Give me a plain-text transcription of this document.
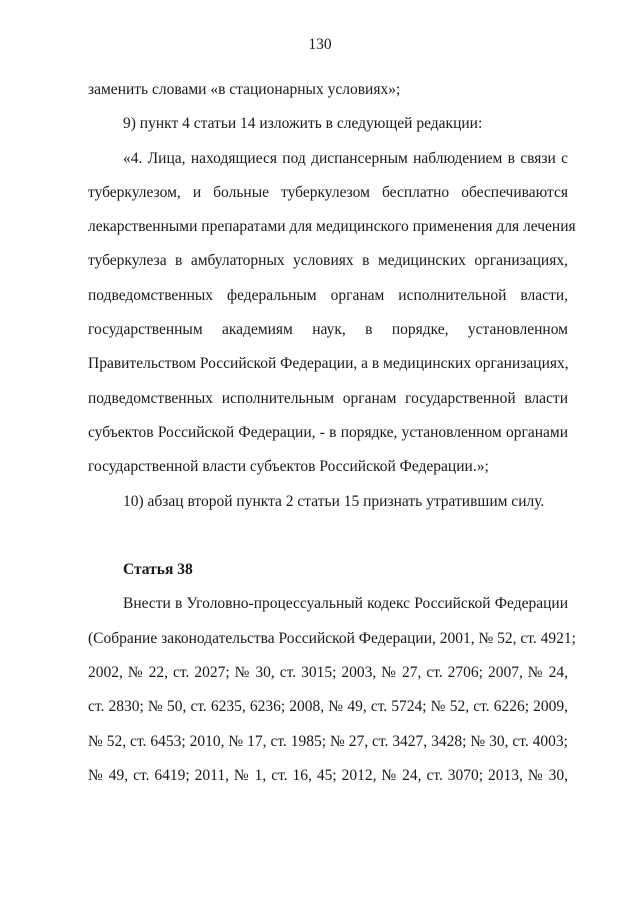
130
заменить словами «в стационарных условиях»;
9) пункт 4 статьи 14 изложить в следующей редакции:
«4. Лица, находящиеся под диспансерным наблюдением в связи с
туберкулезом, и больные туберкулезом бесплатно обеспечиваются
лекарственными препаратами для медицинского применения для лечения
туберкулеза в амбулаторных условиях в медицинских организациях,
подведомственных федеральным органам исполнительной власти,
государственным академиям наук, в порядке, установленном
Правительством Российской Федерации, а в медицинских организациях,
подведомственных исполнительным органам государственной власти
субъектов Российской Федерации, - в порядке, установленном органами
государственной власти субъектов Российской Федерации.»;
10) абзац второй пункта 2 статьи 15 признать утратившим силу.
Статья 38
Внести в Уголовно-процессуальный кодекс Российской Федерации
(Собрание законодательства Российской Федерации, 2001, № 52, ст. 4921;
2002, № 22, ст. 2027; № 30, ст. 3015; 2003, № 27, ст. 2706; 2007, № 24,
ст. 2830; № 50, ст. 6235, 6236; 2008, № 49, ст. 5724; № 52, ст. 6226; 2009,
№ 52, ст. 6453; 2010, № 17, ст. 1985; № 27, ст. 3427, 3428; № 30, ст. 4003;
№ 49, ст. 6419; 2011, № 1, ст. 16, 45; 2012, № 24, ст. 3070; 2013, № 30,
